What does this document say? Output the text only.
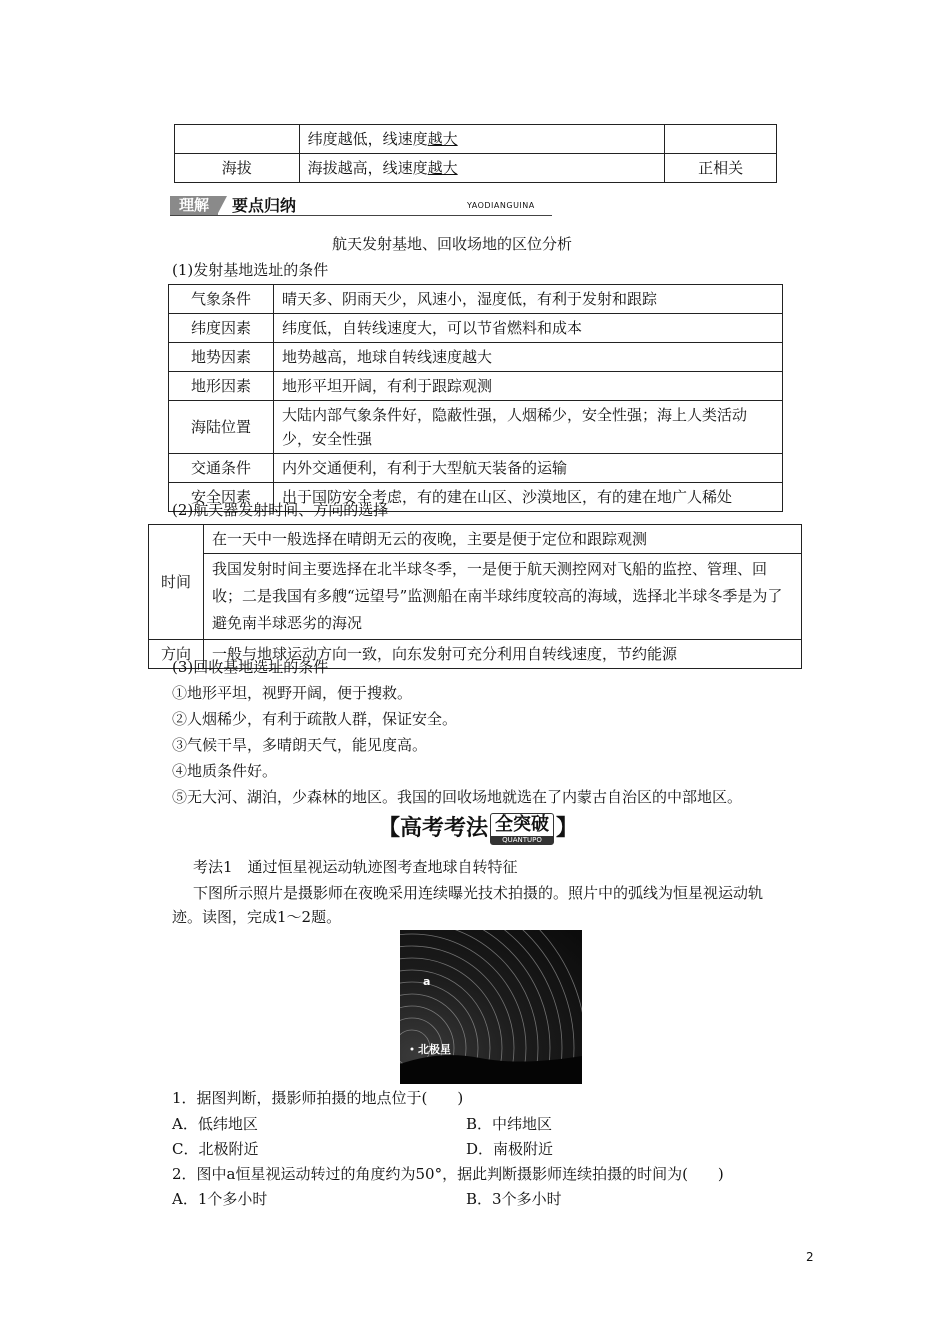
	纬度越低，线速度越大	
海拔	海拔越高，线速度越大	正相关
理解	要点归纳	YAODIANGUINA
航天发射基地、回收场地的区位分析
(1)发射基地选址的条件
气象条件	晴天多、阴雨天少，风速小，湿度低，有利于发射和跟踪
纬度因素	纬度低，自转线速度大，可以节省燃料和成本
地势因素	地势越高，地球自转线速度越大
地形因素	地形平坦开阔，有利于跟踪观测
海陆位置	大陆内部气象条件好，隐蔽性强，人烟稀少，安全性强；海上人类活动少，安全性强
交通条件	内外交通便利，有利于大型航天装备的运输
安全因素	出于国防安全考虑，有的建在山区、沙漠地区，有的建在地广人稀处
(2)航天器发射时间、方向的选择
时间	在一天中一般选择在晴朗无云的夜晚，主要是便于定位和跟踪观测
	我国发射时间主要选择在北半球冬季，一是便于航天测控网对飞船的监控、管理、回收；二是我国有多艘“远望号”监测船在南半球纬度较高的海域，选择北半球冬季是为了避免南半球恶劣的海况
方向	一般与地球运动方向一致，向东发射可充分利用自转线速度，节约能源
(3)回收基地选址的条件
①地形平坦，视野开阔，便于搜救。
②人烟稀少，有利于疏散人群，保证安全。
③气候干旱，多晴朗天气，能见度高。
④地质条件好。
⑤无大河、湖泊，少森林的地区。我国的回收场地就选在了内蒙古自治区的中部地区。
【高考考法 全突破
QUANTUPO 】
考法1　通过恒星视运动轨迹图考查地球自转特征
下图所示照片是摄影师在夜晚采用连续曝光技术拍摄的。照片中的弧线为恒星视运动轨
迹。读图，完成1～2题。
a
北极星
1．据图判断，摄影师拍摄的地点位于(　　)
A．低纬地区	B．中纬地区
C．北极附近	D．南极附近
2．图中a恒星视运动转过的角度约为50°，据此判断摄影师连续拍摄的时间为(　　)
A．1个多小时	B．3个多小时
2
